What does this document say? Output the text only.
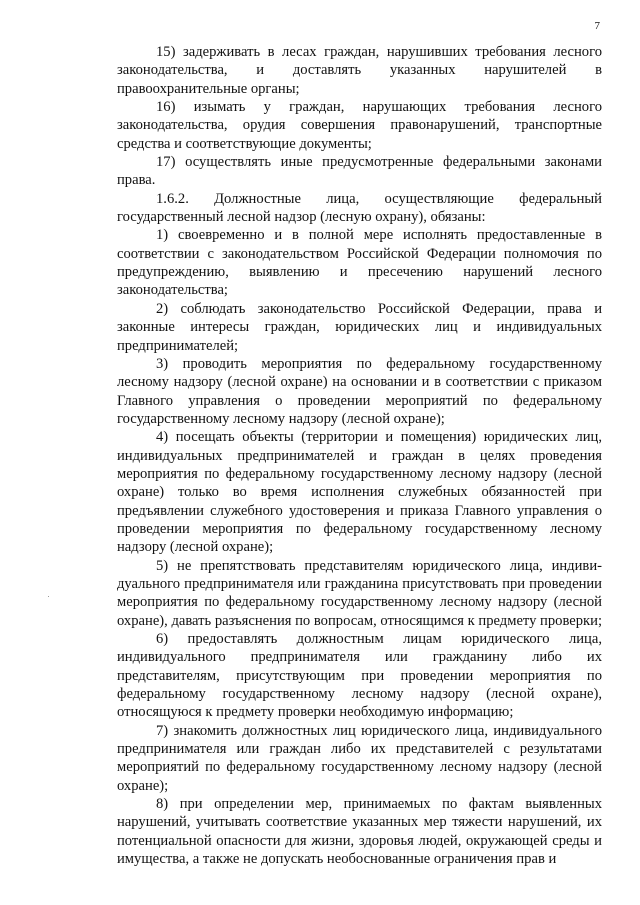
7

15) задерживать в лесах граждан, нарушивших требования лесного законодательства, и доставлять указанных нарушителей в правоохранительные органы;

16) изымать у граждан, нарушающих требования лесного законодательства, орудия совершения правонарушений, транспортные средства и соответствующие документы;

17) осуществлять иные предусмотренные федеральными законами права.

1.6.2. Должностные лица, осуществляющие федеральный государственный лесной надзор (лесную охрану), обязаны:

1) своевременно и в полной мере исполнять предоставленные в соответствии с законодательством Российской Федерации полномочия по предупреждению, выявлению и пресечению нарушений лесного законодательства;

2) соблюдать законодательство Российской Федерации, права и законные интересы граждан, юридических лиц и индивидуальных предпринимателей;

3) проводить мероприятия по федеральному государственному лесному надзору (лесной охране) на основании и в соответствии с приказом Главного управления о проведении мероприятий по федеральному государственному лесному надзору (лесной охране);

4) посещать объекты (территории и помещения) юридических лиц, индивидуальных предпринимателей и граждан в целях проведения мероприятия по федеральному государственному лесному надзору (лесной охране) только во время исполнения служебных обязанностей при предъявлении служебного удостоверения и приказа Главного управления о проведении мероприятия по федеральному государственному лесному надзору (лесной охране);

5) не препятствовать представителям юридического лица, индивидуального предпринимателя или гражданина присутствовать при проведении мероприятия по федеральному государственному лесному надзору (лесной охране), давать разъяснения по вопросам, относящимся к предмету проверки;

6) предоставлять должностным лицам юридического лица, индивидуального предпринимателя или гражданину либо их представителям, присутствующим при проведении мероприятия по федеральному государственному лесному надзору (лесной охране), относящуюся к предмету проверки необходимую информацию;

7) знакомить должностных лиц юридического лица, индивидуального предпринимателя или граждан либо их представителей с результатами мероприятий по федеральному государственному лесному надзору (лесной охране);

8) при определении мер, принимаемых по фактам выявленных нарушений, учитывать соответствие указанных мер тяжести нарушений, их потенциальной опасности для жизни, здоровья людей, окружающей среды и имущества, а также не допускать необоснованные ограничения прав и
